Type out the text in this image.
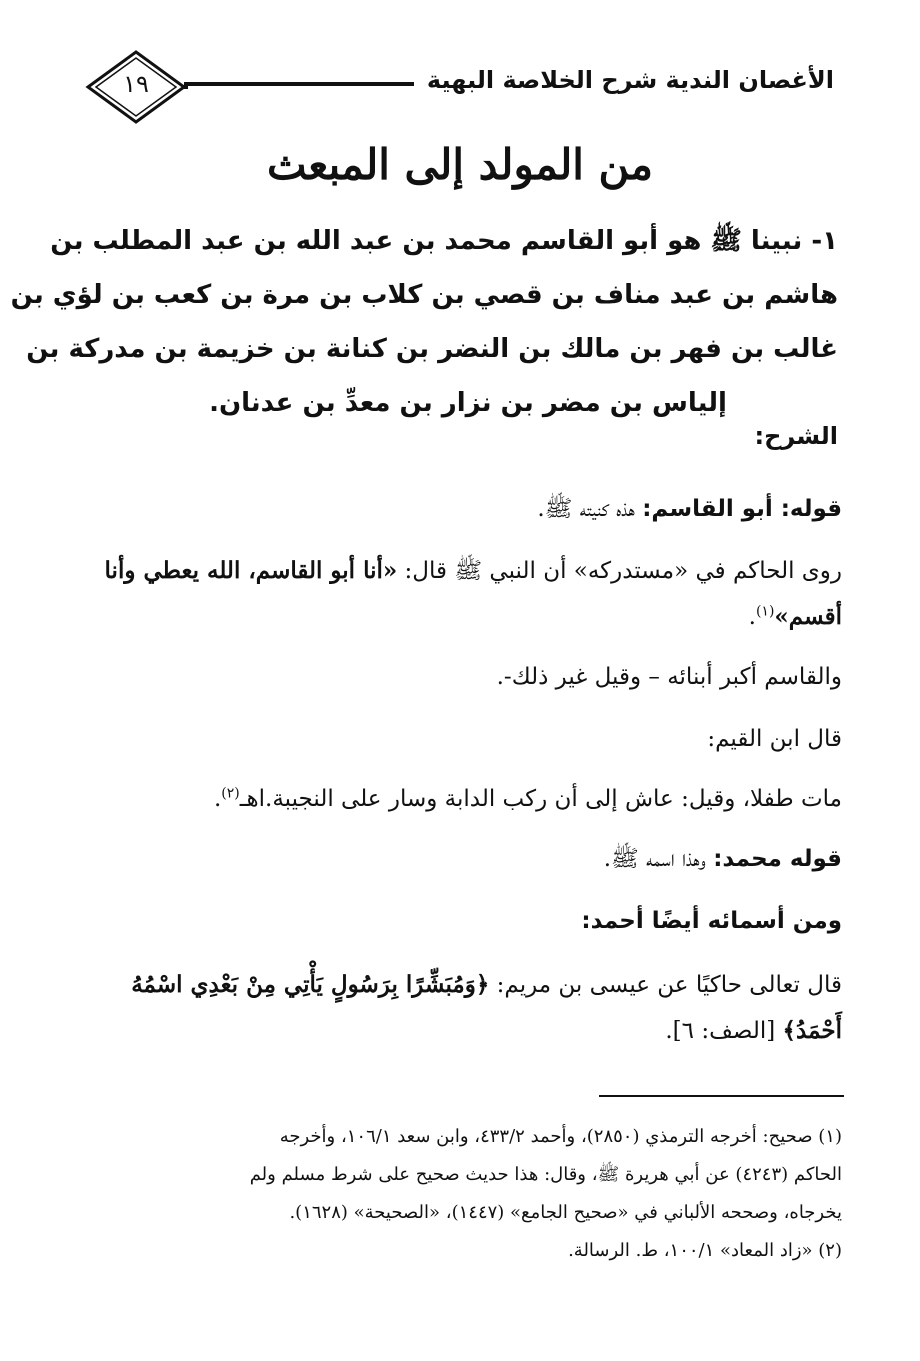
الأغصان الندية شرح الخلاصة البهية
١٩
من المولد إلى المبعث
١- نبينا ﷺ هو أبو القاسم محمد بن عبد الله بن عبد المطلب بن
هاشم بن عبد مناف بن قصي بن كلاب بن مرة بن كعب بن لؤي بن
غالب بن فهر بن مالك بن النضر بن كنانة بن خزيمة بن مدركة بن
إلياس بن مضر بن نزار بن معدِّ بن عدنان.
الشرح:
قوله: أبو القاسم: هذه كنيته ﷺ.
روى الحاكم في «مستدركه» أن النبي ﷺ قال: «أنا أبو القاسم، الله يعطي وأنا أقسم»$^{(١)}$.
والقاسم أكبر أبنائه – وقيل غير ذلك-.
قال ابن القيم:
مات طفلا، وقيل: عاش إلى أن ركب الدابة وسار على النجيبة.اهـ$^{(٢)}$.
قوله محمد: وهذا اسمه ﷺ.
ومن أسمائه أيضًا أحمد:
قال تعالى حاكيًا عن عيسى بن مريم: ﴿وَمُبَشِّرًا بِرَسُولٍ يَأْتِي مِنْ بَعْدِي اسْمُهُ أَحْمَدُ﴾ [الصف: ٦].
(١) صحيح: أخرجه الترمذي (٢٨٥٠)، وأحمد ٤٣٣/٢، وابن سعد ١٠٦/١، وأخرجه
الحاكم (٤٢٤٣) عن أبي هريرة ﷺ، وقال: هذا حديث صحيح على شرط مسلم ولم
يخرجاه، وصححه الألباني في «صحيح الجامع» (١٤٤٧)، «الصحيحة» (١٦٢٨).
(٢) «زاد المعاد» ١٠٠/١، ط. الرسالة.
